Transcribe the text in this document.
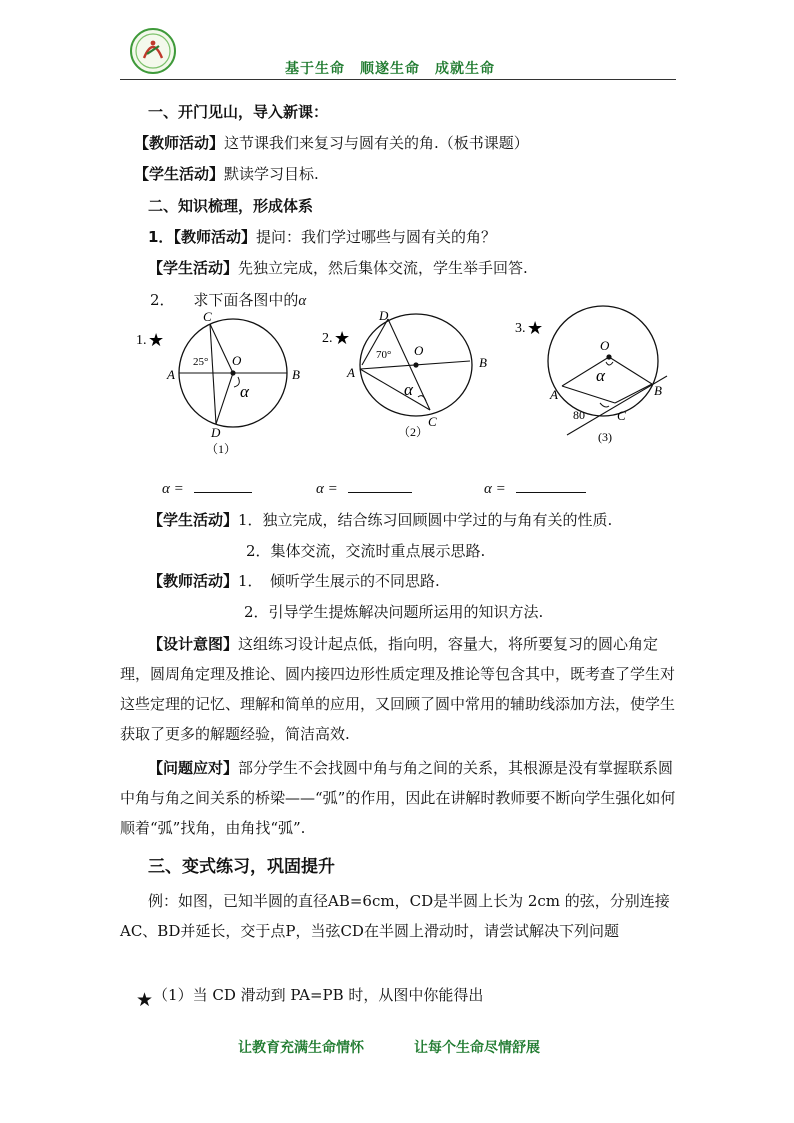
基于生命　顺遂生命　成就生命
一、开门见山，导入新课：
【教师活动】这节课我们来复习与圆有关的角.（板书课题）
【学生活动】默读学习目标.
二、知识梳理，形成体系
1．【教师活动】提问：我们学过哪些与圆有关的角？
【学生活动】先独立完成，然后集体交流，学生举手回答.
2． 求下面各图中的α
1. ★
25°
C
A
O
B
D
α
（1）
2. ★
70°
D
O
A
B
C
α
（2）
3. ★
O
A	B
C
80
α
(3)
α =	α =	α =
【学生活动】1．独立完成，结合练习回顾圆中学过的与角有关的性质.
2．集体交流，交流时重点展示思路.
【教师活动】1．　倾听学生展示的不同思路.
2．引导学生提炼解决问题所运用的知识方法.
【设计意图】这组练习设计起点低，指向明，容量大，将所要复习的圆心角定理，圆周角定理及推论、圆内接四边形性质定理及推论等包含其中，既考查了学生对这些定理的记忆、理解和简单的应用，又回顾了圆中常用的辅助线添加方法，使学生获取了更多的解题经验，简洁高效.
【问题应对】部分学生不会找圆中角与角之间的关系，其根源是没有掌握联系圆中角与角之间关系的桥梁——“弧”的作用，因此在讲解时教师要不断向学生强化如何顺着“弧”找角，由角找“弧”.
三、变式练习，巩固提升
例：如图，已知半圆的直径AB=6cm，CD是半圆上长为 2cm 的弦，分别连接AC、BD并延长，交于点P，当弦CD在半圆上滑动时，请尝试解决下列问题
★（1）当 CD 滑动到 PA=PB 时，从图中你能得出
让教育充满生命情怀	让每个生命尽情舒展
